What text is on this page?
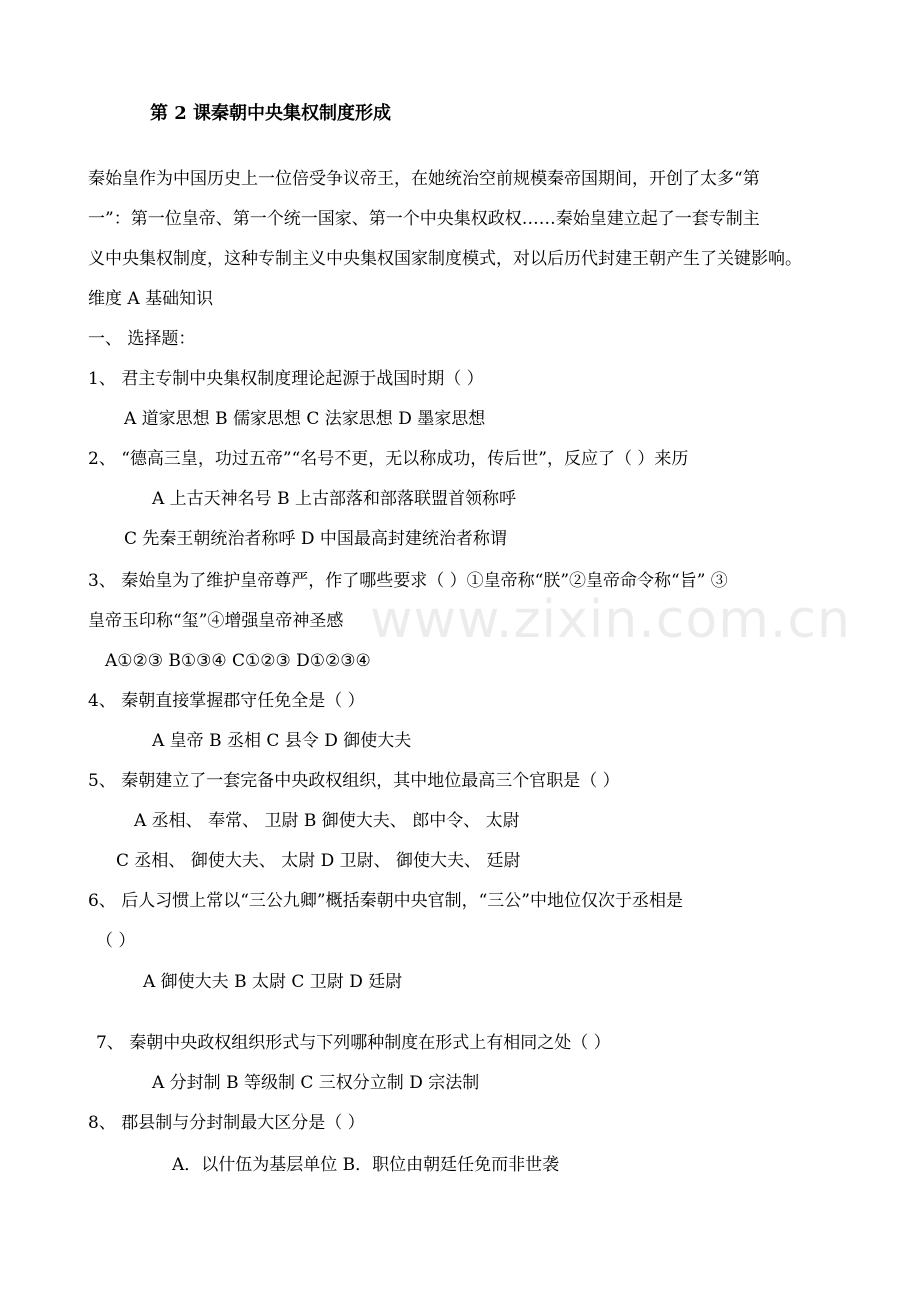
第 2 课秦朝中央集权制度形成
秦始皇作为中国历史上一位倍受争议帝王，在她统治空前规模秦帝国期间，开创了太多“第
一”：第一位皇帝、第一个统一国家、第一个中央集权政权……秦始皇建立起了一套专制主
义中央集权制度，这种专制主义中央集权国家制度模式，对以后历代封建王朝产生了关键影响。
维度 A 基础知识
一、 选择题：
1、 君主专制中央集权制度理论起源于战国时期（ ）
A 道家思想 B 儒家思想 C 法家思想 D 墨家思想
2、 “德高三皇，功过五帝”“名号不更，无以称成功，传后世”，反应了（ ）来历
A 上古天神名号 B 上古部落和部落联盟首领称呼
C 先秦王朝统治者称呼 D 中国最高封建统治者称谓
3、 秦始皇为了维护皇帝尊严，作了哪些要求（ ）①皇帝称“朕”②皇帝命令称“旨” ③
皇帝玉印称“玺”④增强皇帝神圣感
A①②③ B①③④ C①②③ D①②③④
4、 秦朝直接掌握郡守任免全是（ ）
A 皇帝 B 丞相 C 县令 D 御使大夫
5、 秦朝建立了一套完备中央政权组织，其中地位最高三个官职是（ ）
A 丞相、 奉常、 卫尉 B 御使大夫、 郎中令、 太尉
C 丞相、 御使大夫、 太尉 D 卫尉、 御使大夫、 廷尉
6、 后人习惯上常以“三公九卿”概括秦朝中央官制，“三公”中地位仅次于丞相是
（ ）
A 御使大夫 B 太尉 C 卫尉 D 廷尉
7、 秦朝中央政权组织形式与下列哪种制度在形式上有相同之处（ ）
A 分封制 B 等级制 C 三权分立制 D 宗法制
8、 郡县制与分封制最大区分是（ ）
A．以什伍为基层单位 B．职位由朝廷任免而非世袭
www.zixin.com.cn
